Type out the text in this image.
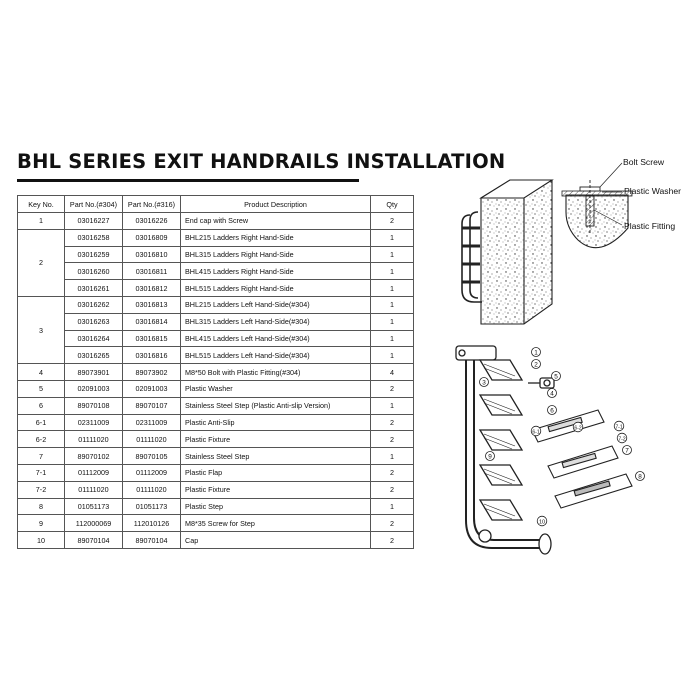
BHL SERIES EXIT HANDRAILS INSTALLATION
Key No.	Part No.(#304)	Part No.(#316)	Product Description	Qty
1	03016227	03016226	End cap with Screw	2
2	03016258	03016809	BHL215 Ladders Right Hand-Side	1
	03016259	03016810	BHL315 Ladders Right Hand-Side	1
	03016260	03016811	BHL415 Ladders Right Hand-Side	1
	03016261	03016812	BHL515 Ladders Right Hand-Side	1
3	03016262	03016813	BHL215 Ladders Left Hand-Side(#304)	1
	03016263	03016814	BHL315 Ladders Left Hand-Side(#304)	1
	03016264	03016815	BHL415 Ladders Left Hand-Side(#304)	1
	03016265	03016816	BHL515 Ladders Left Hand-Side(#304)	1
4	89073901	89073902	M8*50 Bolt with Plastic Fitting(#304)	4
5	02091003	02091003	Plastic Washer	2
6	89070108	89070107	Stainless Steel Step (Plastic Anti-slip Version)	1
6-1	02311009	02311009	Plastic Anti-Slip	2
6-2	01111020	01111020	Plastic Fixture	2
7	89070102	89070105	Stainless Steel Step	1
7-1	01112009	01112009	Plastic Flap	2
7-2	01111020	01111020	Plastic Fixture	2
8	01051173	01051173	Plastic Step	1
9	112000069	112010126	M8*35 Screw for Step	2
10	89070104	89070104	Cap	2
1
2
3
4
5
6
6-1
6-2
7
7-1
7-2
8
9
10
Bolt Screw
Plastic Washer
Plastic Fitting
